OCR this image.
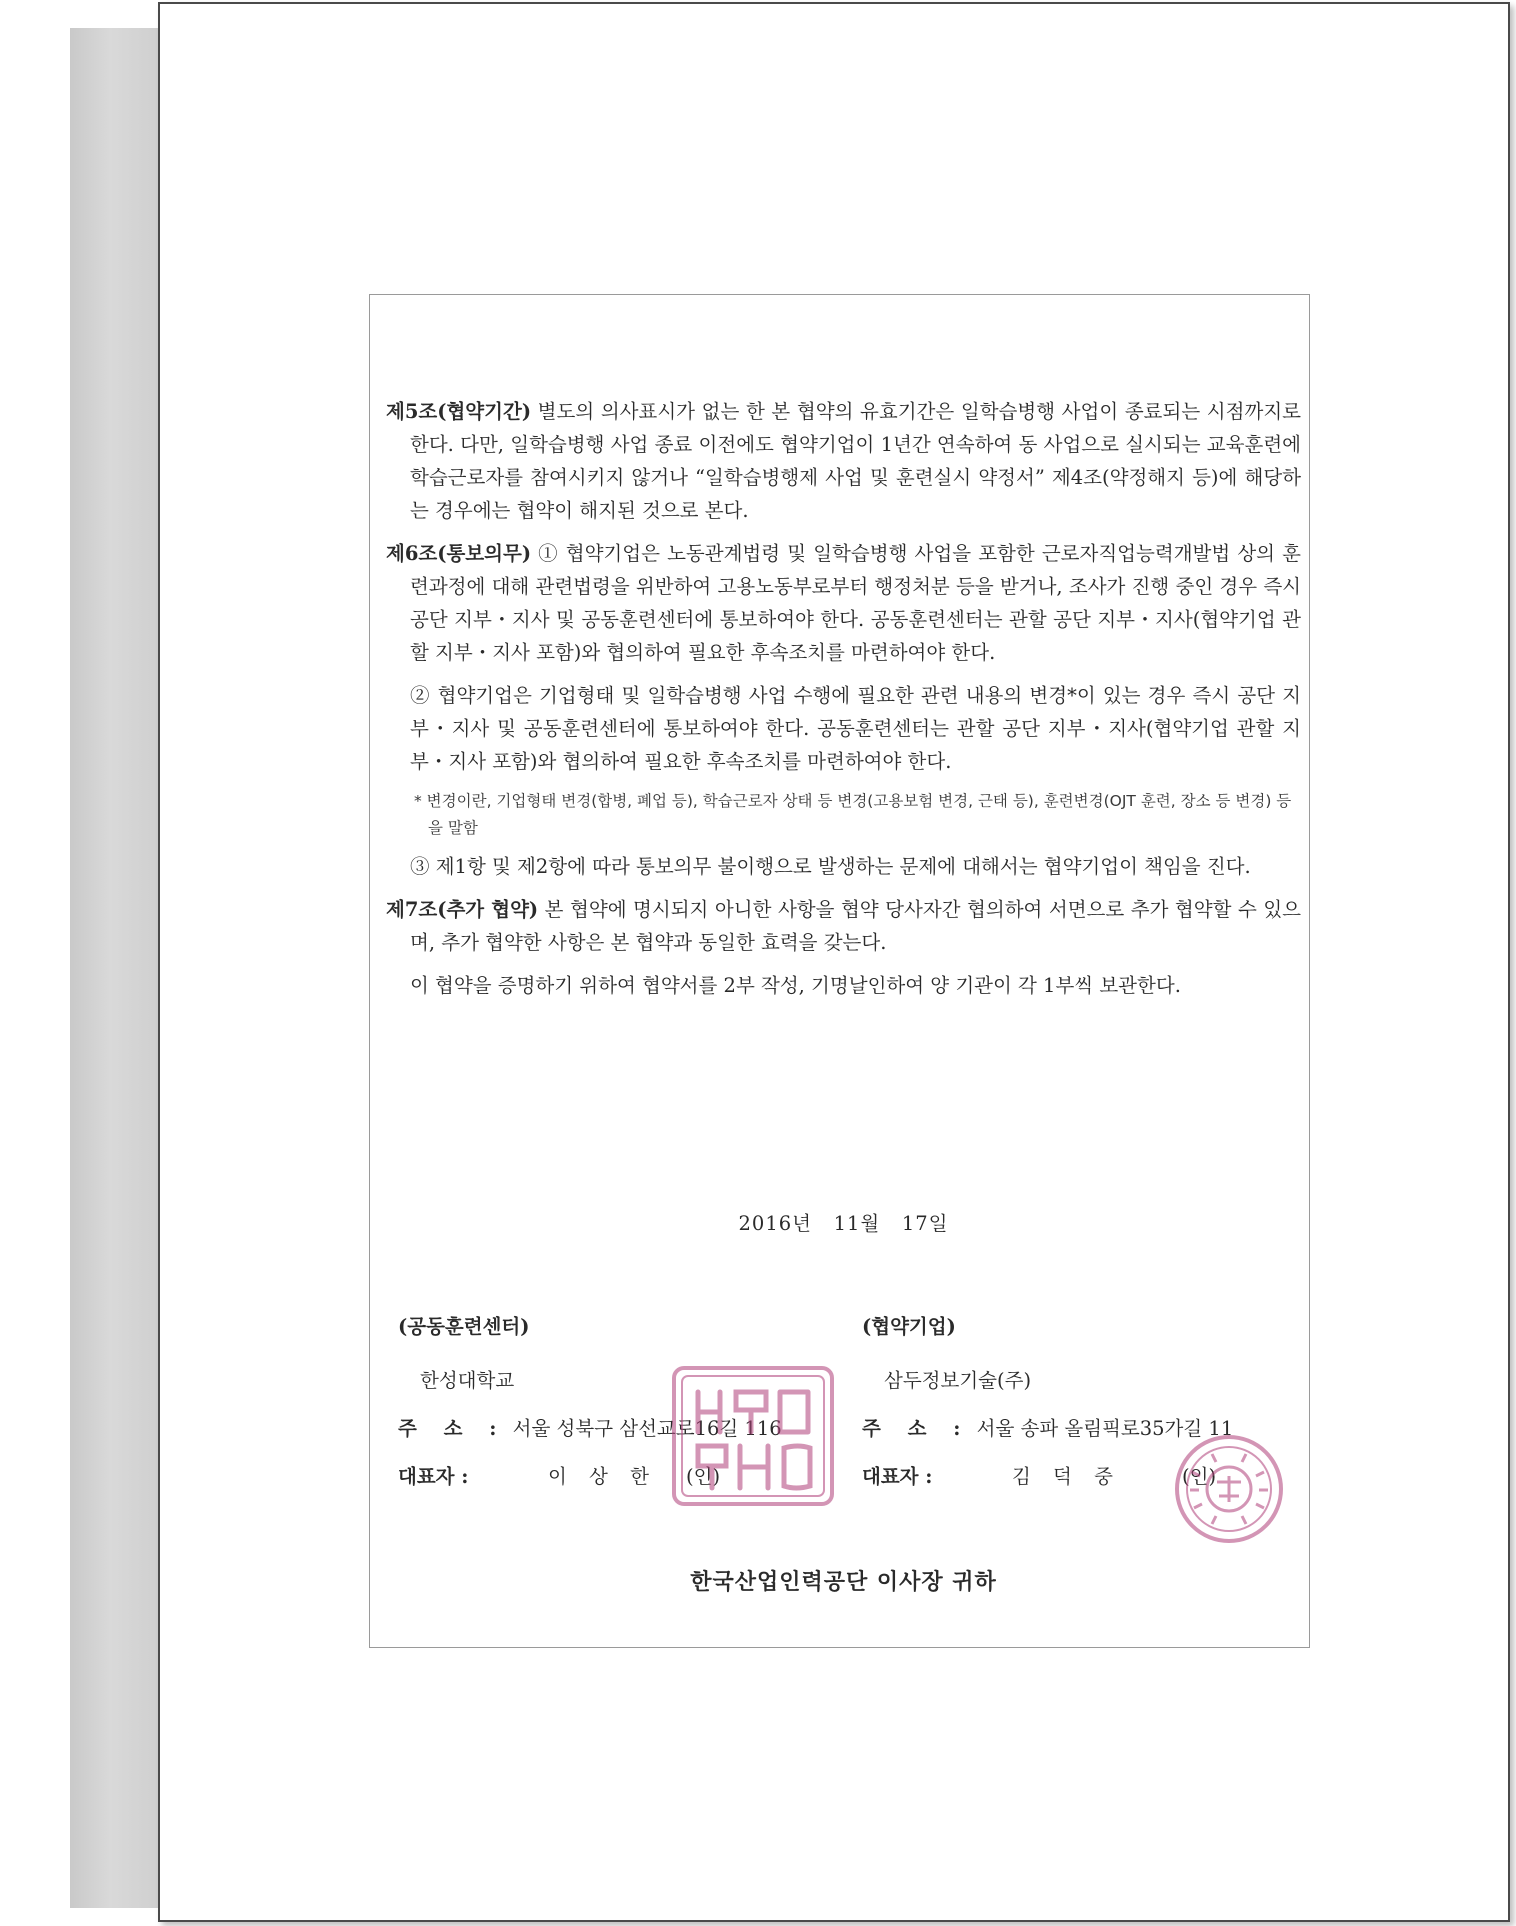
제5조(협약기간) 별도의 의사표시가 없는 한 본 협약의 유효기간은 일학습병행 사업이 종료되는 시점까지로 한다. 다만, 일학습병행 사업 종료 이전에도 협약기업이 1년간 연속하여 동 사업으로 실시되는 교육훈련에 학습근로자를 참여시키지 않거나 “일학습병행제 사업 및 훈련실시 약정서” 제4조(약정해지 등)에 해당하는 경우에는 협약이 해지된 것으로 본다.
제6조(통보의무) ① 협약기업은 노동관계법령 및 일학습병행 사업을 포함한 근로자직업능력개발법 상의 훈련과정에 대해 관련법령을 위반하여 고용노동부로부터 행정처분 등을 받거나, 조사가 진행 중인 경우 즉시 공단 지부・지사 및 공동훈련센터에 통보하여야 한다. 공동훈련센터는 관할 공단 지부・지사(협약기업 관할 지부・지사 포함)와 협의하여 필요한 후속조치를 마련하여야 한다.
② 협약기업은 기업형태 및 일학습병행 사업 수행에 필요한 관련 내용의 변경*이 있는 경우 즉시 공단 지부・지사 및 공동훈련센터에 통보하여야 한다. 공동훈련센터는 관할 공단 지부・지사(협약기업 관할 지부・지사 포함)와 협의하여 필요한 후속조치를 마련하여야 한다.
* 변경이란, 기업형태 변경(합병, 폐업 등), 학습근로자 상태 등 변경(고용보험 변경, 근태 등), 훈련변경(OJT 훈련, 장소 등 변경) 등을 말함
③ 제1항 및 제2항에 따라 통보의무 불이행으로 발생하는 문제에 대해서는 협약기업이 책임을 진다.
제7조(추가 협약) 본 협약에 명시되지 아니한 사항을 협약 당사자간 협의하여 서면으로 추가 협약할 수 있으며, 추가 협약한 사항은 본 협약과 동일한 효력을 갖는다.
이 협약을 증명하기 위하여 협약서를 2부 작성, 기명날인하여 양 기관이 각 1부씩 보관한다.
2016년   11월   17일
(공동훈련센터)
한성대학교
주 소 : 서울 성북구 삼선교로16길 116
대표자 :	이 상 한 (인)
(협약기업)
삼두정보기술(주)
주 소 : 서울 송파 올림픽로35가길 11
대표자 :	김 덕 중	(인)
한국산업인력공단 이사장 귀하
